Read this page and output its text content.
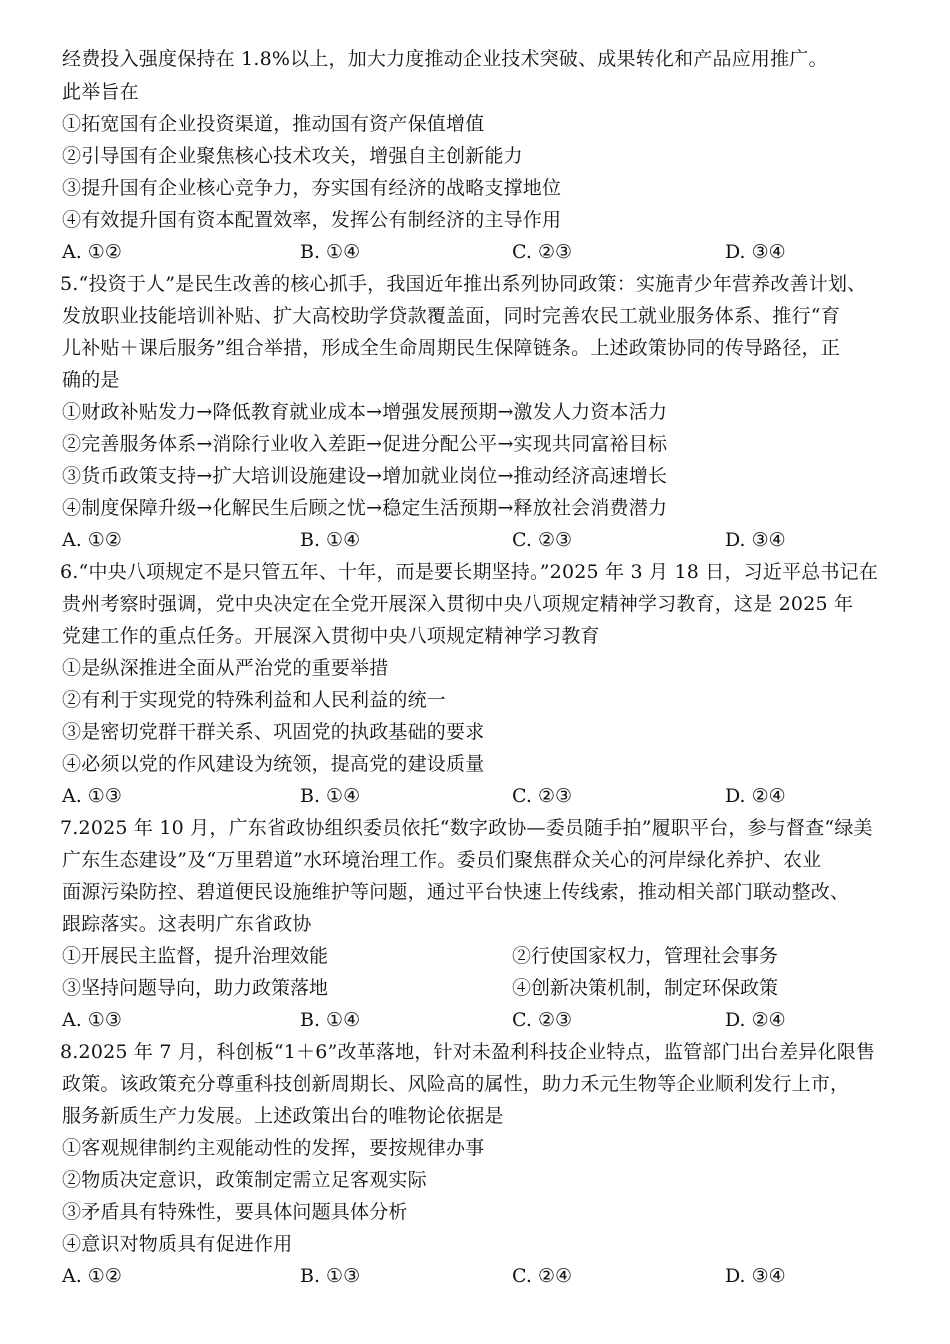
经费投入强度保持在 1.8%以上，加大力度推动企业技术突破、成果转化和产品应用推广。
此举旨在
①拓宽国有企业投资渠道，推动国有资产保值增值
②引导国有企业聚焦核心技术攻关，增强自主创新能力
③提升国有企业核心竞争力，夯实国有经济的战略支撑地位
④有效提升国有资本配置效率，发挥公有制经济的主导作用
A. ①②	B. ①④	C. ②③	D. ③④
5.“投资于人”是民生改善的核心抓手，我国近年推出系列协同政策：实施青少年营养改善计划、
发放职业技能培训补贴、扩大高校助学贷款覆盖面，同时完善农民工就业服务体系、推行“育
儿补贴＋课后服务”组合举措，形成全生命周期民生保障链条。上述政策协同的传导路径，正
确的是
①财政补贴发力→降低教育就业成本→增强发展预期→激发人力资本活力
②完善服务体系→消除行业收入差距→促进分配公平→实现共同富裕目标
③货币政策支持→扩大培训设施建设→增加就业岗位→推动经济高速增长
④制度保障升级→化解民生后顾之忧→稳定生活预期→释放社会消费潜力
A. ①②	B. ①④	C. ②③	D. ③④
6.“中央八项规定不是只管五年、十年，而是要长期坚持。”2025 年 3 月 18 日，习近平总书记在
贵州考察时强调，党中央决定在全党开展深入贯彻中央八项规定精神学习教育，这是 2025 年
党建工作的重点任务。开展深入贯彻中央八项规定精神学习教育
①是纵深推进全面从严治党的重要举措
②有利于实现党的特殊利益和人民利益的统一
③是密切党群干群关系、巩固党的执政基础的要求
④必须以党的作风建设为统领，提高党的建设质量
A. ①③	B. ①④	C. ②③	D. ②④
7.2025 年 10 月，广东省政协组织委员依托“数字政协—委员随手拍”履职平台，参与督查“绿美
广东生态建设”及“万里碧道”水环境治理工作。委员们聚焦群众关心的河岸绿化养护、农业
面源污染防控、碧道便民设施维护等问题，通过平台快速上传线索，推动相关部门联动整改、
跟踪落实。这表明广东省政协
①开展民主监督，提升治理效能	②行使国家权力，管理社会事务
③坚持问题导向，助力政策落地	④创新决策机制，制定环保政策
A. ①③	B. ①④	C. ②③	D. ②④
8.2025 年 7 月，科创板“1＋6”改革落地，针对未盈利科技企业特点，监管部门出台差异化限售
政策。该政策充分尊重科技创新周期长、风险高的属性，助力禾元生物等企业顺利发行上市，
服务新质生产力发展。上述政策出台的唯物论依据是
①客观规律制约主观能动性的发挥，要按规律办事
②物质决定意识，政策制定需立足客观实际
③矛盾具有特殊性，要具体问题具体分析
④意识对物质具有促进作用
A. ①②	B. ①③	C. ②④	D. ③④
